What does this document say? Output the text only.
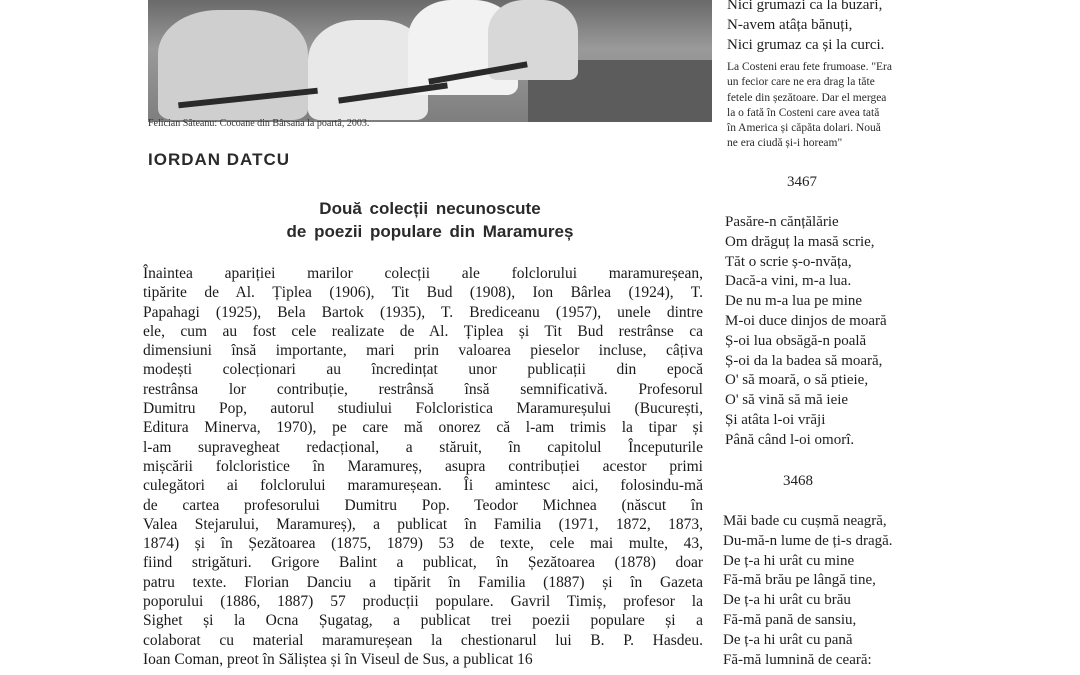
Felician Săteanu: Cocoane din Bârsana la poartă, 2003.
IORDAN DATCU
Două colecții necunoscute
de poezii populare din Maramureș
Înaintea apariției marilor colecții ale folclorului maramureșean,
tipărite de Al. Țiplea (1906), Tit Bud (1908), Ion Bârlea (1924), T.
Papahagi (1925), Bela Bartok (1935), T. Brediceanu (1957), unele dintre
ele, cum au fost cele realizate de Al. Țiplea și Tit Bud restrânse ca
dimensiuni însă importante, mari prin valoarea pieselor incluse, câțiva
modești colecționari au încredințat unor publicații din epocă
restrânsa lor contribuție, restrânsă însă semnificativă. Profesorul
Dumitru Pop, autorul studiului Folcloristica Maramureșului (București,
Editura Minerva, 1970), pe care mă onorez că l-am trimis la tipar și
l-am supravegheat redacțional, a stăruit, în capitolul Începuturile
mișcării folcloristice în Maramureș, asupra contribuției acestor primi
culegători ai folclorului maramureșean. Îi amintesc aici, folosindu-mă
de cartea profesorului Dumitru Pop. Teodor Michnea (născut în
Valea Stejarului, Maramureș), a publicat în Familia (1971, 1872, 1873,
1874) și în Șezătoarea (1875, 1879) 53 de texte, cele mai multe, 43,
fiind strigături. Grigore Balint a publicat, în Șezătoarea (1878) doar
patru texte. Florian Danciu a tipărit în Familia (1887) și în Gazeta
poporului (1886, 1887) 57 producții populare. Gavril Timiș, profesor la
Sighet și la Ocna Șugatag, a publicat trei poezii populare și a
colaborat cu material maramureșean la chestionarul lui B. P. Hasdeu.
Ioan Coman, preot în Săliștea și în Viseul de Sus, a publicat 16
Nici grumazi ca la buzari,
N-avem atâța bănuți,
Nici grumaz ca și la curci.
La Costeni erau fete frumoase. "Era
un fecior care ne era drag la tăte
fetele din șezătoare. Dar el mergea
la o fată în Costeni care avea tată
în America și căpăta dolari. Nouă
ne era ciudă și-i hoream"
3467
Pasăre-n cănțălărie
Om drăguț la masă scrie,
Tăt o scrie ș-o-nvăța,
Dacă-a vini, m-a lua.
De nu m-a lua pe mine
M-oi duce dinjos de moară
Ș-oi lua obsăgă-n poală
Ș-oi da la badea să moară,
O' să moară, o să ptieie,
O' să vină să mă ieie
Și atâta l-oi vrăji
Până când l-oi omorî.
3468
Măi bade cu cușmă neagră,
Du-mă-n lume de ți-s dragă.
De ț-a hi urât cu mine
Fă-mă brău pe lângă tine,
De ț-a hi urât cu brău
Fă-mă pană de sansiu,
De ț-a hi urât cu pană
Fă-mă lumnină de ceară:
